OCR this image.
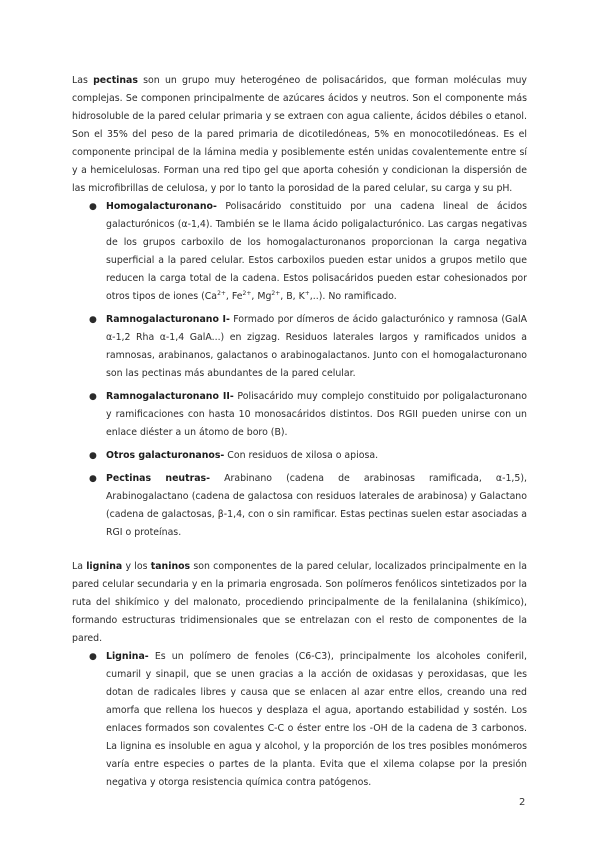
Las pectinas son un grupo muy heterogéneo de polisacáridos, que forman moléculas muy complejas. Se componen principalmente de azúcares ácidos y neutros. Son el componente más hidrosoluble de la pared celular primaria y se extraen con agua caliente, ácidos débiles o etanol. Son el 35% del peso de la pared primaria de dicotiledóneas, 5% en monocotiledóneas. Es el componente principal de la lámina media y posiblemente estén unidas covalentemente entre sí y a hemicelulosas. Forman una red tipo gel que aporta cohesión y condicionan la dispersión de las microfibrillas de celulosa, y por lo tanto la porosidad de la pared celular, su carga y su pH.

● Homogalacturonano- Polisacárido constituido por una cadena lineal de ácidos galacturónicos (α-1,4). También se le llama ácido poligalacturónico. Las cargas negativas de los grupos carboxilo de los homogalacturonanos proporcionan la carga negativa superficial a la pared celular. Estos carboxilos pueden estar unidos a grupos metilo que reducen la carga total de la cadena. Estos polisacáridos pueden estar cohesionados por otros tipos de iones ($Ca^{2+}$, $Fe^{2+}$, $Mg^{2+}$, B, K+,..). No ramificado.
● Ramnogalacturonano I- Formado por dímeros de ácido galacturónico y ramnosa (GalA α-1,2 Rha α-1,4 GalA...) en zigzag. Residuos laterales largos y ramificados unidos a ramnosas, arabinanos, galactanos o arabinogalactanos. Junto con el homogalacturonano son las pectinas más abundantes de la pared celular.
● Ramnogalacturonano II- Polisacárido muy complejo constituido por poligalacturonano y ramificaciones con hasta 10 monosacáridos distintos. Dos RGII pueden unirse con un enlace diéster a un átomo de boro (B).
● Otros galacturonanos- Con residuos de xilosa o apiosa.
● Pectinas neutras- Arabinano (cadena de arabinosas ramificada, α-1,5), Arabinogalactano (cadena de galactosa con residuos laterales de arabinosa) y Galactano (cadena de galactosas, β-1,4, con o sin ramificar. Estas pectinas suelen estar asociadas a RGI o proteínas.

La lignina y los taninos son componentes de la pared celular, localizados principalmente en la pared celular secundaria y en la primaria engrosada. Son polímeros fenólicos sintetizados por la ruta del shikímico y del malonato, procediendo principalmente de la fenilalanina (shikímico), formando estructuras tridimensionales que se entrelazan con el resto de componentes de la pared.

● Lignina- Es un polímero de fenoles (C6-C3), principalmente los alcoholes coniferil, cumaril y sinapil, que se unen gracias a la acción de oxidasas y peroxidasas, que les dotan de radicales libres y causa que se enlacen al azar entre ellos, creando una red amorfa que rellena los huecos y desplaza el agua, aportando estabilidad y sostén. Los enlaces formados son covalentes C-C o éster entre los -OH de la cadena de 3 carbonos. La lignina es insoluble en agua y alcohol, y la proporción de los tres posibles monómeros varía entre especies o partes de la planta. Evita que el xilema colapse por la presión negativa y otorga resistencia química contra patógenos.
2
